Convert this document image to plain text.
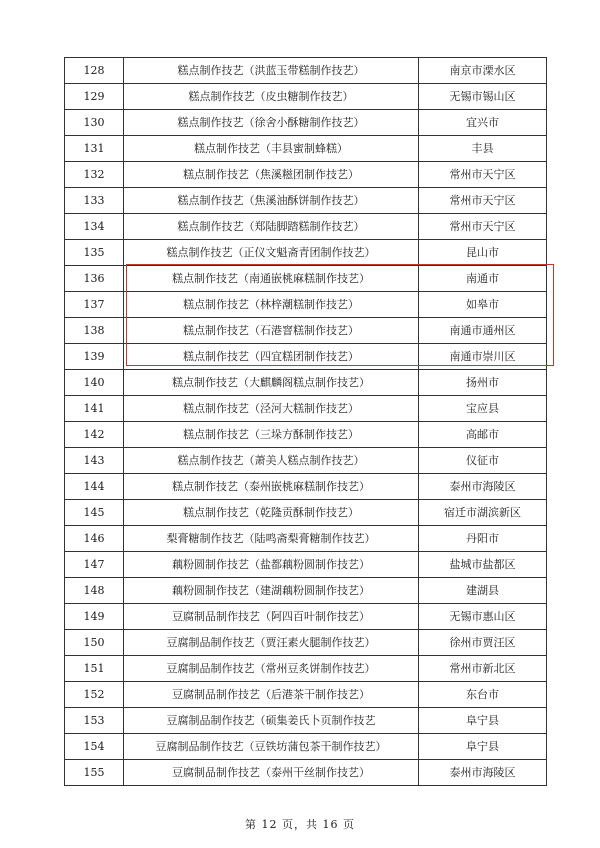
128	糕点制作技艺（洪蓝玉带糕制作技艺）	南京市溧水区
129	糕点制作技艺（皮虫糖制作技艺）	无锡市锡山区
130	糕点制作技艺（徐舍小酥糖制作技艺）	宜兴市
131	糕点制作技艺（丰县蜜制蜂糕）	丰县
132	糕点制作技艺（焦溪糍团制作技艺）	常州市天宁区
133	糕点制作技艺（焦溪油酥饼制作技艺）	常州市天宁区
134	糕点制作技艺（郑陆脚踏糕制作技艺）	常州市天宁区
135	糕点制作技艺（正仪文魁斋青团制作技艺）	昆山市
136	糕点制作技艺（南通嵌桃麻糕制作技艺）	南通市
137	糕点制作技艺（林梓潮糕制作技艺）	如皋市
138	糕点制作技艺（石港窨糕制作技艺）	南通市通州区
139	糕点制作技艺（四宜糕团制作技艺）	南通市崇川区
140	糕点制作技艺（大麒麟阁糕点制作技艺）	扬州市
141	糕点制作技艺（泾河大糕制作技艺）	宝应县
142	糕点制作技艺（三垛方酥制作技艺）	高邮市
143	糕点制作技艺（萧美人糕点制作技艺）	仪征市
144	糕点制作技艺（泰州嵌桃麻糕制作技艺）	泰州市海陵区
145	糕点制作技艺（乾隆贡酥制作技艺）	宿迁市湖滨新区
146	梨膏糖制作技艺（陆鸣斋梨膏糖制作技艺）	丹阳市
147	藕粉圆制作技艺（盐都藕粉圆制作技艺）	盐城市盐都区
148	藕粉圆制作技艺（建湖藕粉圆制作技艺）	建湖县
149	豆腐制品制作技艺（阿四百叶制作技艺）	无锡市惠山区
150	豆腐制品制作技艺（贾汪素火腿制作技艺）	徐州市贾汪区
151	豆腐制品制作技艺（常州豆炙饼制作技艺）	常州市新北区
152	豆腐制品制作技艺（后港茶干制作技艺）	东台市
153	豆腐制品制作技艺（硕集姜氏卜页制作技艺	阜宁县
154	豆腐制品制作技艺（豆铁坊蒲包茶干制作技艺）	阜宁县
155	豆腐制品制作技艺（泰州干丝制作技艺）	泰州市海陵区
第 12 页，共 16 页
